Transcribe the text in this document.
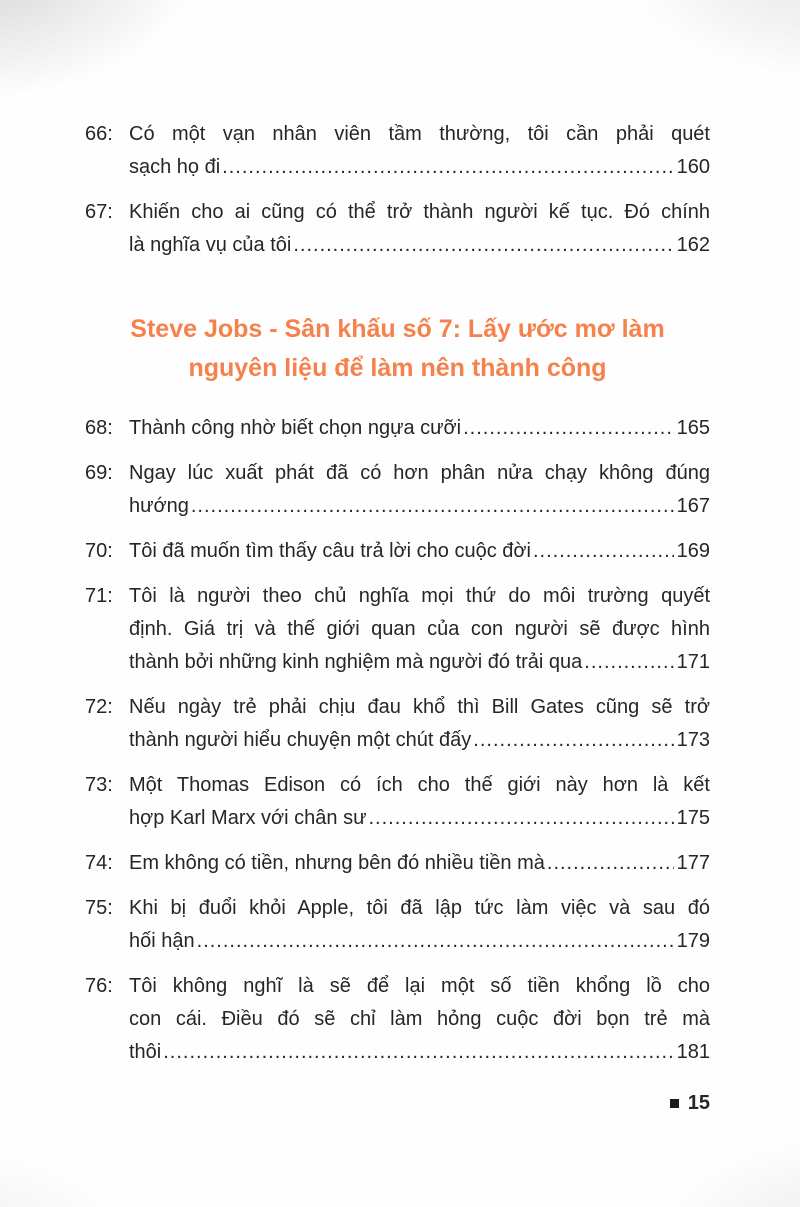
66: Có một vạn nhân viên tầm thường, tôi cần phải quét
sạch họ đi .....	160
67: Khiến cho ai cũng có thể trở thành người kế tục. Đó chính
là nghĩa vụ của tôi .....	162
Steve Jobs - Sân khấu số 7: Lấy ước mơ làm
nguyên liệu để làm nên thành công
68: Thành công nhờ biết chọn ngựa cưỡi .....	165
69: Ngay lúc xuất phát đã có hơn phân nửa chạy không đúng
hướng .....	167
70: Tôi đã muốn tìm thấy câu trả lời cho cuộc đời .....	169
71: Tôi là người theo chủ nghĩa mọi thứ do môi trường quyết
định. Giá trị và thế giới quan của con người sẽ được hình
thành bởi những kinh nghiệm mà người đó trải qua .....	171
72: Nếu ngày trẻ phải chịu đau khổ thì Bill Gates cũng sẽ trở
thành người hiểu chuyện một chút đấy .....	173
73: Một Thomas Edison có ích cho thế giới này hơn là kết
hợp Karl Marx với chân sư .....	175
74: Em không có tiền, nhưng bên đó nhiều tiền mà .....	177
75: Khi bị đuổi khỏi Apple, tôi đã lập tức làm việc và sau đó
hối hận .....	179
76: Tôi không nghĩ là sẽ để lại một số tiền khổng lồ cho
con cái. Điều đó sẽ chỉ làm hỏng cuộc đời bọn trẻ mà
thôi .....	181
15
